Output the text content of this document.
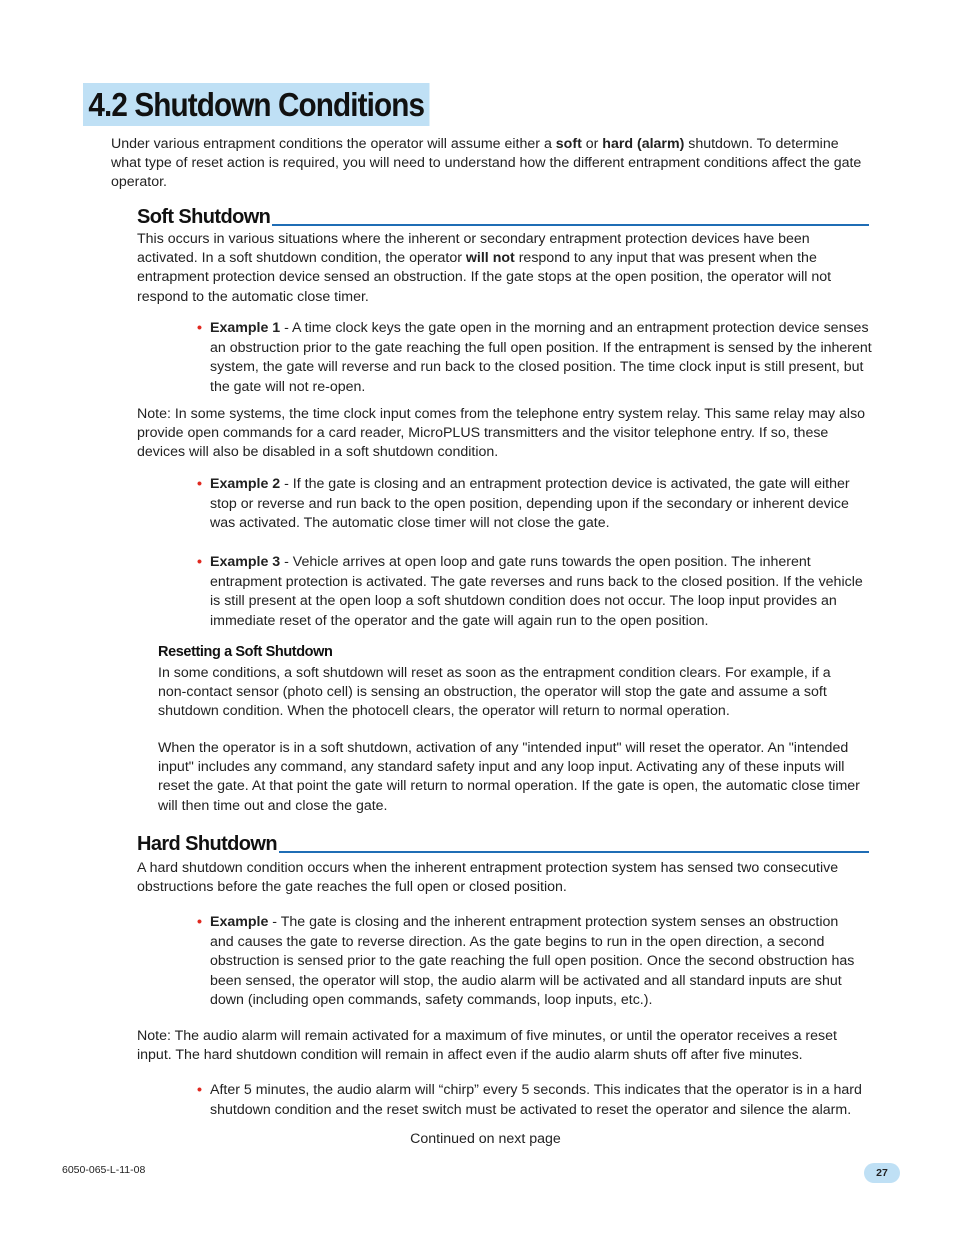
4.2 Shutdown Conditions

Under various entrapment conditions the operator will assume either a soft or hard (alarm) shutdown. To determine what type of reset action is required, you will need to understand how the different entrapment conditions affect the gate operator.

Soft Shutdown

This occurs in various situations where the inherent or secondary entrapment protection devices have been activated. In a soft shutdown condition, the operator will not respond to any input that was present when the entrapment protection device sensed an obstruction. If the gate stops at the open position, the operator will not respond to the automatic close timer.

• Example 1 - A time clock keys the gate open in the morning and an entrapment protection device senses an obstruction prior to the gate reaching the full open position. If the entrapment is sensed by the inherent system, the gate will reverse and run back to the closed position. The time clock input is still present, but the gate will not re-open.

Note: In some systems, the time clock input comes from the telephone entry system relay. This same relay may also provide open commands for a card reader, MicroPLUS transmitters and the visitor telephone entry. If so, these devices will also be disabled in a soft shutdown condition.

• Example 2 - If the gate is closing and an entrapment protection device is activated, the gate will either stop or reverse and run back to the open position, depending upon if the secondary or inherent device was activated. The automatic close timer will not close the gate.
• Example 3 - Vehicle arrives at open loop and gate runs towards the open position. The inherent entrapment protection is activated. The gate reverses and runs back to the closed position. If the vehicle is still present at the open loop a soft shutdown condition does not occur. The loop input provides an immediate reset of the operator and the gate will again run to the open position.
Resetting a Soft Shutdown

In some conditions, a soft shutdown will reset as soon as the entrapment condition clears. For example, if a non-contact sensor (photo cell) is sensing an obstruction, the operator will stop the gate and assume a soft shutdown condition. When the photocell clears, the operator will return to normal operation.

When the operator is in a soft shutdown, activation of any "intended input" will reset the operator. An "intended input" includes any command, any standard safety input and any loop input. Activating any of these inputs will reset the gate. At that point the gate will return to normal operation. If the gate is open, the automatic close timer will then time out and close the gate.

Hard Shutdown

A hard shutdown condition occurs when the inherent entrapment protection system has sensed two consecutive obstructions before the gate reaches the full open or closed position.

• Example - The gate is closing and the inherent entrapment protection system senses an obstruction and causes the gate to reverse direction. As the gate begins to run in the open direction, a second obstruction is sensed prior to the gate reaching the full open position. Once the second obstruction has been sensed, the operator will stop, the audio alarm will be activated and all standard inputs are shut down (including open commands, safety commands, loop inputs, etc.).

Note: The audio alarm will remain activated for a maximum of five minutes, or until the operator receives a reset input. The hard shutdown condition will remain in affect even if the audio alarm shuts off after five minutes.

• After 5 minutes, the audio alarm will “chirp” every 5 seconds. This indicates that the operator is in a hard shutdown condition and the reset switch must be activated to reset the operator and silence the alarm.
Continued on next page
6050-065-L-11-08	27
